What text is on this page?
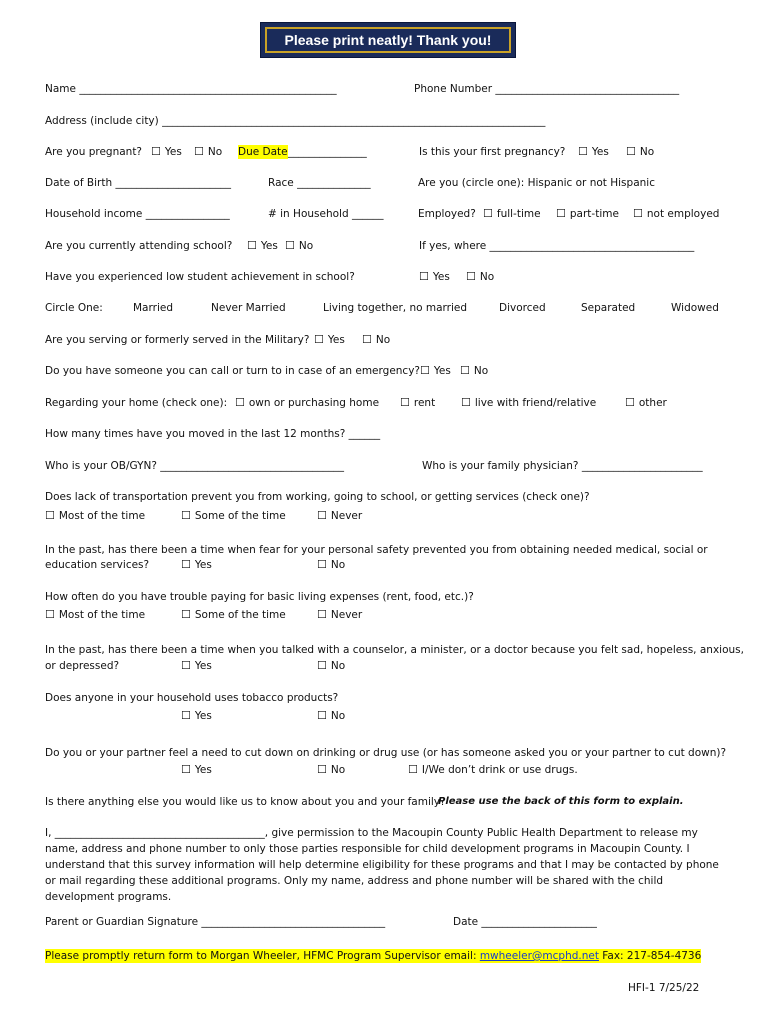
Please print neatly! Thank you!
Name _________________________________________________	Phone Number ___________________________________
Address (include city) _________________________________________________________________________
Are you pregnant?	☐ Yes	☐ No Due Date _______________	Is this your first pregnancy?	☐ Yes	☐ No
Date of Birth ______________________	Race ______________	Are you (circle one): Hispanic or not Hispanic
Household income ________________	# in Household ______	Employed?	☐ full-time	☐ part-time	☐ not employed
Are you currently attending school?	☐ Yes	☐ No	If yes, where _______________________________________
Have you experienced low student achievement in school?	☐ Yes	☐ No
Circle One:	Married	Never Married	Living together, no married	Divorced	Separated	Widowed
Are you serving or formerly served in the Military?	☐ Yes	☐ No
Do you have someone you can call or turn to in case of an emergency?	☐ Yes	☐ No
Regarding your home (check one):	☐ own or purchasing home	☐ rent	☐ live with friend/relative	☐ other
How many times have you moved in the last 12 months? ______
Who is your OB/GYN? ___________________________________	Who is your family physician? _______________________
Does lack of transportation prevent you from working, going to school, or getting services (check one)?
☐ Most of the time	☐ Some of the time	☐ Never
In the past, has there been a time when fear for your personal safety prevented you from obtaining needed medical, social or
education services?	☐ Yes	☐ No
How often do you have trouble paying for basic living expenses (rent, food, etc.)?
☐ Most of the time	☐ Some of the time	☐ Never
In the past, has there been a time when you talked with a counselor, a minister, or a doctor because you felt sad, hopeless, anxious,
or depressed?	☐ Yes	☐ No
Does anyone in your household uses tobacco products?
☐ Yes	☐ No
Do you or your partner feel a need to cut down on drinking or drug use (or has someone asked you or your partner to cut down)?
☐ Yes	☐ No	☐ I/We don’t drink or use drugs.
Is there anything else you would like us to know about you and your family?
Please use the back of this form to explain.
I, ________________________________________, give permission to the Macoupin County Public Health Department to release my name, address and phone number to only those parties responsible for child development programs in Macoupin County. I understand that this survey information will help determine eligibility for these programs and that I may be contacted by phone or mail regarding these additional programs. Only my name, address and phone number will be shared with the child development programs.
Parent or Guardian Signature ___________________________________	Date ______________________
Please promptly return form to Morgan Wheeler, HFMC Program Supervisor email: mwheeler@mcphd.net Fax: 217-854-4736
HFI-1 7/25/22
